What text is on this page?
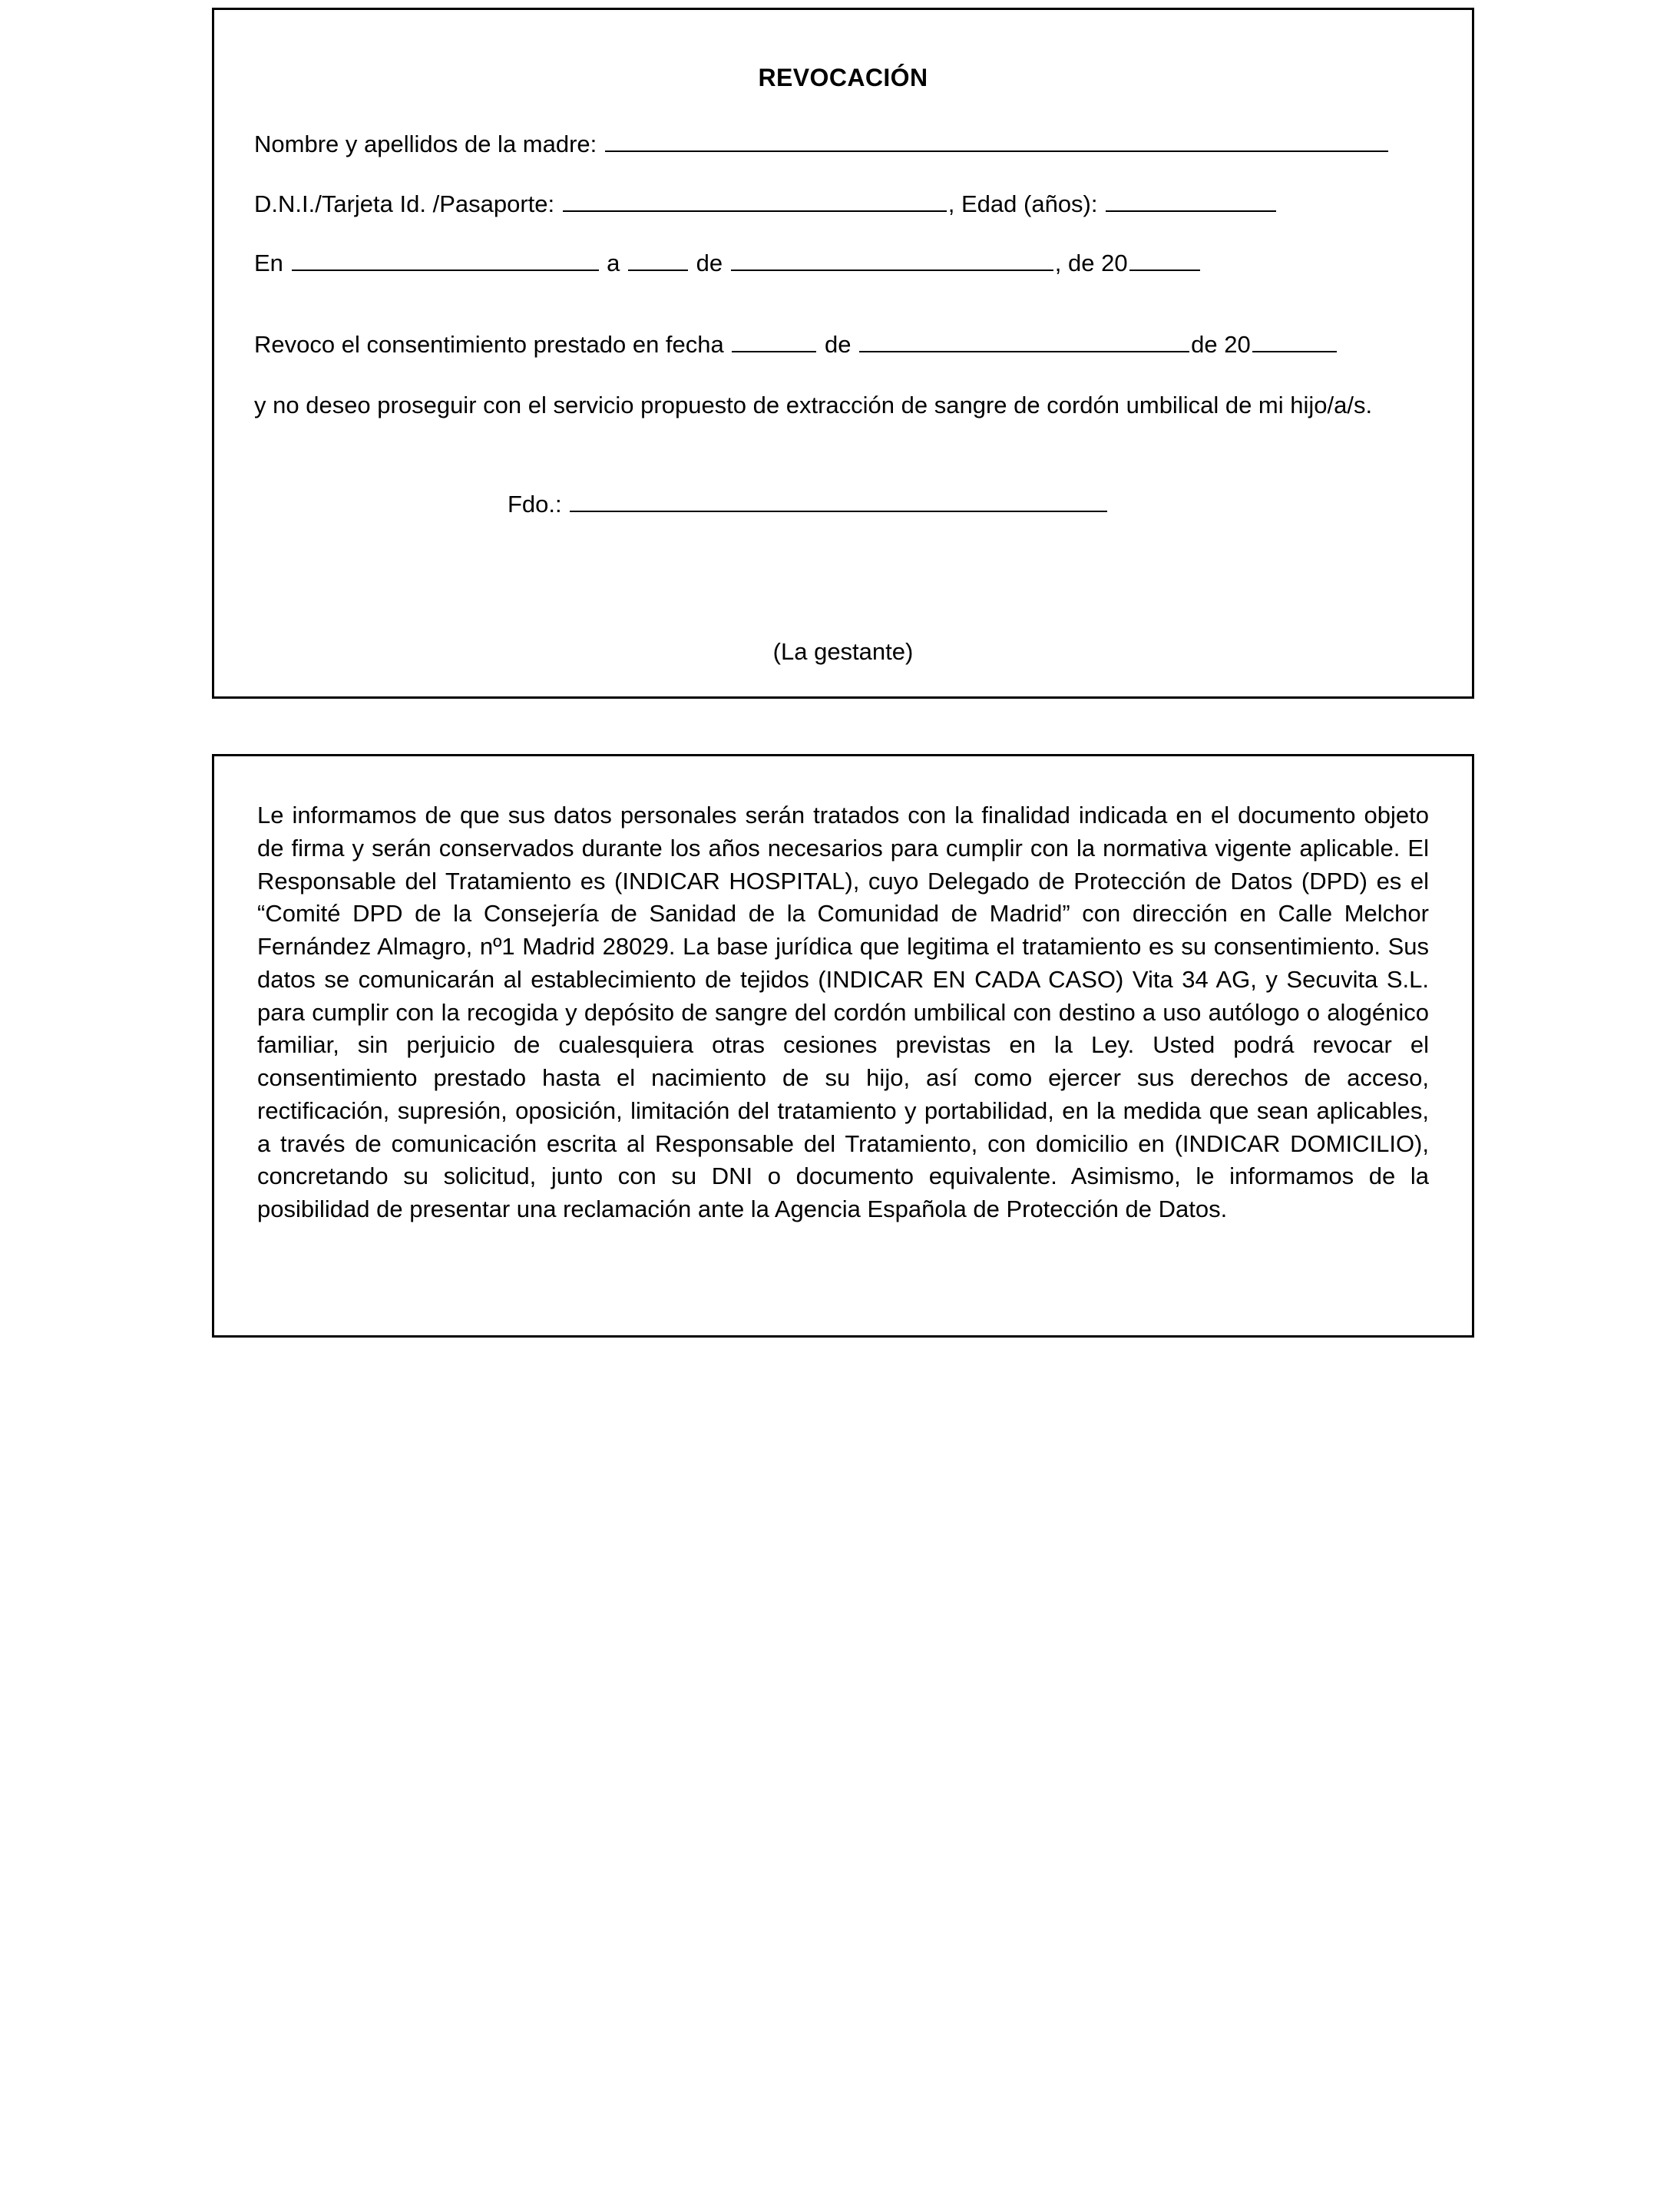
REVOCACIÓN

Nombre y apellidos de la madre:

D.N.I./Tarjeta Id. /Pasaporte:	, Edad (años):

En	a	de	, de 20

Revoco el consentimiento prestado en fecha	de	de 20

y no deseo proseguir con el servicio propuesto de extracción de sangre de cordón umbilical de mi hijo/a/s.

Fdo.:

(La gestante)

Le informamos de que sus datos personales serán tratados con la finalidad indicada en el documento objeto de firma y serán conservados durante los años necesarios para cumplir con la normativa vigente aplicable. El Responsable del Tratamiento es (INDICAR HOSPITAL), cuyo Delegado de Protección de Datos (DPD) es el “Comité DPD de la Consejería de Sanidad de la Comunidad de Madrid” con dirección en Calle Melchor Fernández Almagro, nº1 Madrid 28029. La base jurídica que legitima el tratamiento es su consentimiento. Sus datos se comunicarán al establecimiento de tejidos (INDICAR EN CADA CASO) Vita 34 AG, y Secuvita S.L. para cumplir con la recogida y depósito de sangre del cordón umbilical con destino a uso autólogo o alogénico familiar, sin perjuicio de cualesquiera otras cesiones previstas en la Ley. Usted podrá revocar el consentimiento prestado hasta el nacimiento de su hijo, así como ejercer sus derechos de acceso, rectificación, supresión, oposición, limitación del tratamiento y portabilidad, en la medida que sean aplicables, a través de comunicación escrita al Responsable del Tratamiento, con domicilio en (INDICAR DOMICILIO), concretando su solicitud, junto con su DNI o documento equivalente. Asimismo, le informamos de la posibilidad de presentar una reclamación ante la Agencia Española de Protección de Datos.
